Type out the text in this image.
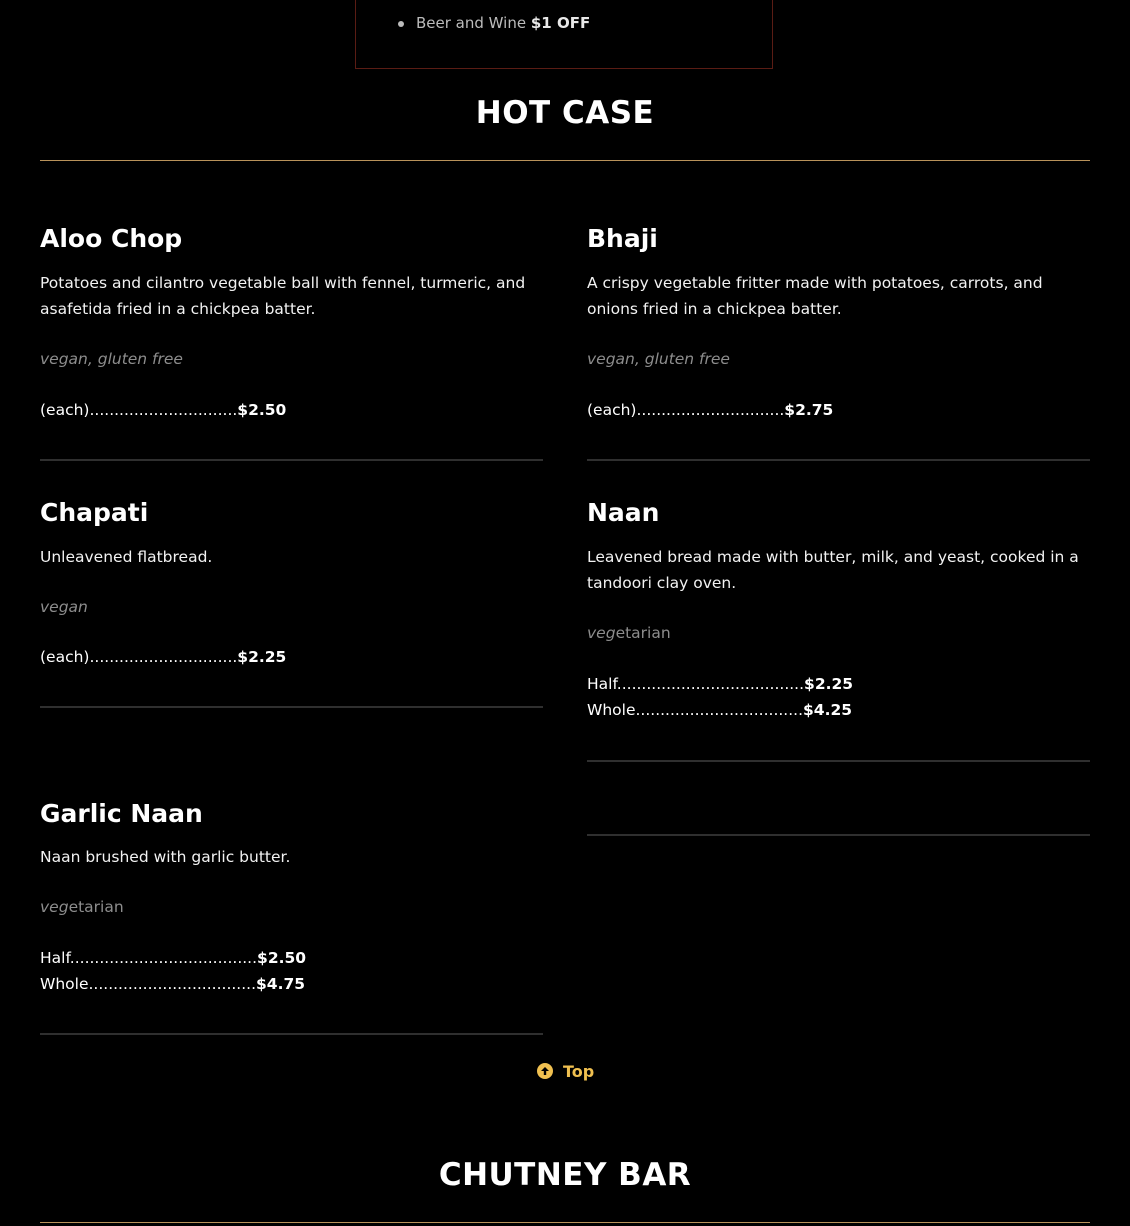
Beer and Wine $1 OFF
HOT CASE
Aloo Chop

Potatoes and cilantro vegetable ball with fennel, turmeric, and asafetida fried in a chickpea batter.

vegan, gluten free

(each)..............................$2.50
Bhaji

A crispy vegetable fritter made with potatoes, carrots, and onions fried in a chickpea batter.

vegan, gluten free

(each)..............................$2.75
Chapati

Unleavened flatbread.

vegan

(each)..............................$2.25
Naan

Leavened bread made with butter, milk, and yeast, cooked in a tandoori clay oven.

vegetarian

Half......................................$2.25
Whole..................................$4.25
Garlic Naan

Naan brushed with garlic butter.

vegetarian

Half......................................$2.50
Whole..................................$4.75
Top
CHUTNEY BAR
